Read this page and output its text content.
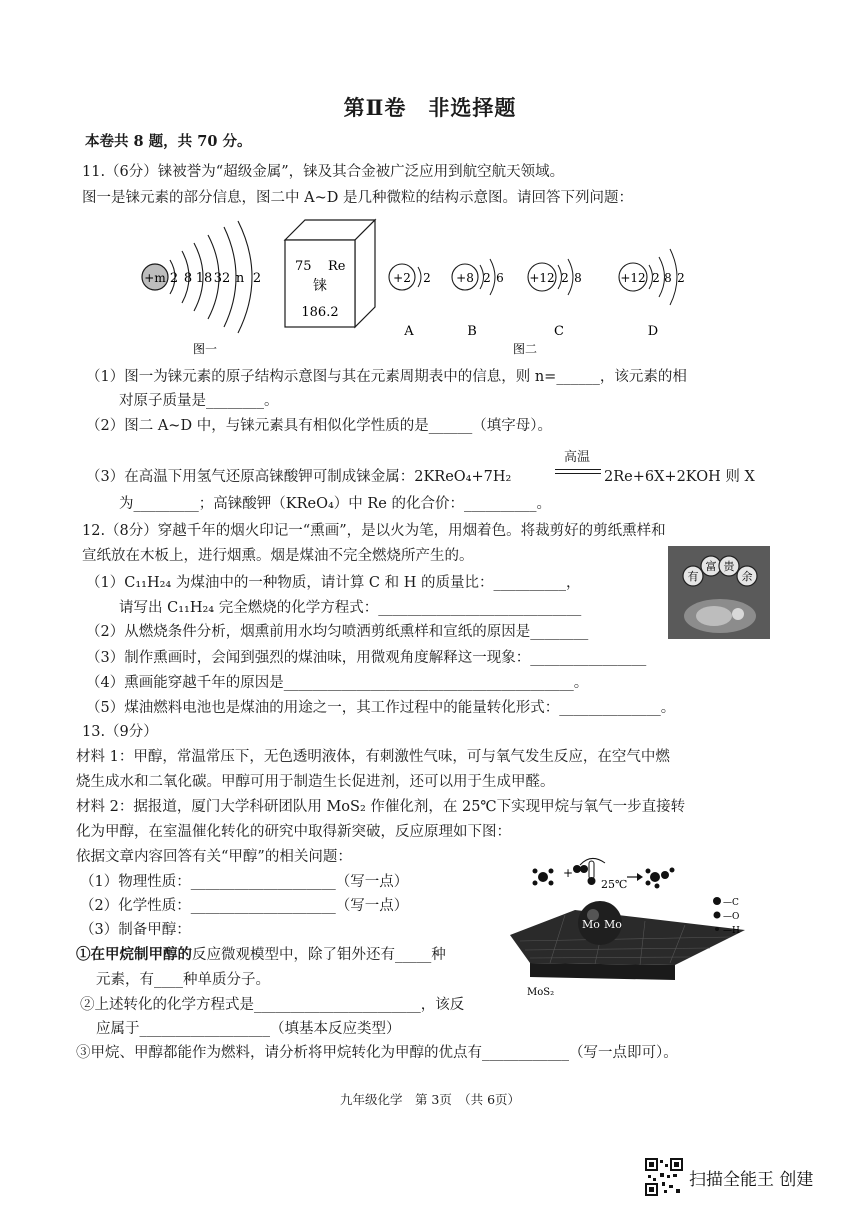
第Ⅱ卷　非选择题
本卷共 8 题，共 70 分。
11.（6分）铼被誉为“超级金属”，铼及其合金被广泛应用到航空航天领域。
图一是铼元素的部分信息，图二中 A~D 是几种微粒的结构示意图。请回答下列问题：
+m 2 8 18 32 n 2
图一
75 Re
铼
186.2
+2 2
A
+8 2 6
B
+12 2 8
C
+12 2 8 2
D
图二
（1）图一为铼元素的原子结构示意图与其在元素周期表中的信息，则 n=______，该元素的相
对原子质量是________。
（2）图二 A~D 中，与铼元素具有相似化学性质的是______（填字母）。
（3）在高温下用氢气还原高铼酸钾可制成铼金属：2KReO₄+7H₂
高温
2Re+6X+2KOH 则 X
为_________；高铼酸钾（KReO₄）中 Re 的化合价：__________。
12.（8分）穿越千年的烟火印记一“熏画”，是以火为笔，用烟着色。将裁剪好的剪纸熏样和
宣纸放在木板上，进行烟熏。烟是煤油不完全燃烧所产生的。
（1）C₁₁H₂₄ 为煤油中的一种物质，请计算 C 和 H 的质量比：__________，
请写出 C₁₁H₂₄ 完全燃烧的化学方程式：____________________________
（2）从燃烧条件分析，烟熏前用水均匀喷洒剪纸熏样和宣纸的原因是________
（3）制作熏画时，会闻到强烈的煤油味，用微观角度解释这一现象：________________
（4）熏画能穿越千年的原因是________________________________________。
（5）煤油燃料电池也是煤油的用途之一，其工作过程中的能量转化形式：______________。
有
富 贵
余
13.（9分）
材料 1：甲醇，常温常压下，无色透明液体，有刺激性气味，可与氧气发生反应，在空气中燃
烧生成水和二氧化碳。甲醇可用于制造生长促进剂，还可以用于生成甲醛。
材料 2：据报道，厦门大学科研团队用 MoS₂ 作催化剂，在 25℃下实现甲烷与氧气一步直接转
化为甲醇，在室温催化转化的研究中取得新突破，反应原理如下图：
依据文章内容回答有关“甲醇”的相关问题：
（1）物理性质：____________________（写一点）
（2）化学性质：____________________（写一点）
（3）制备甲醇：
①在甲烷制甲醇的反应微观模型中，除了钼外还有_____种
元素，有____种单质分子。
②上述转化的化学方程式是_______________________，该反
应属于__________________（填基本反应类型）
③甲烷、甲醇都能作为燃料，请分析将甲烷转化为甲醇的优点有____________（写一点即可）。
+
25℃
Mo Mo
MoS₂
—C
—O
—H
九年级化学　第 3页　（共 6页）
扫描全能王 创建
